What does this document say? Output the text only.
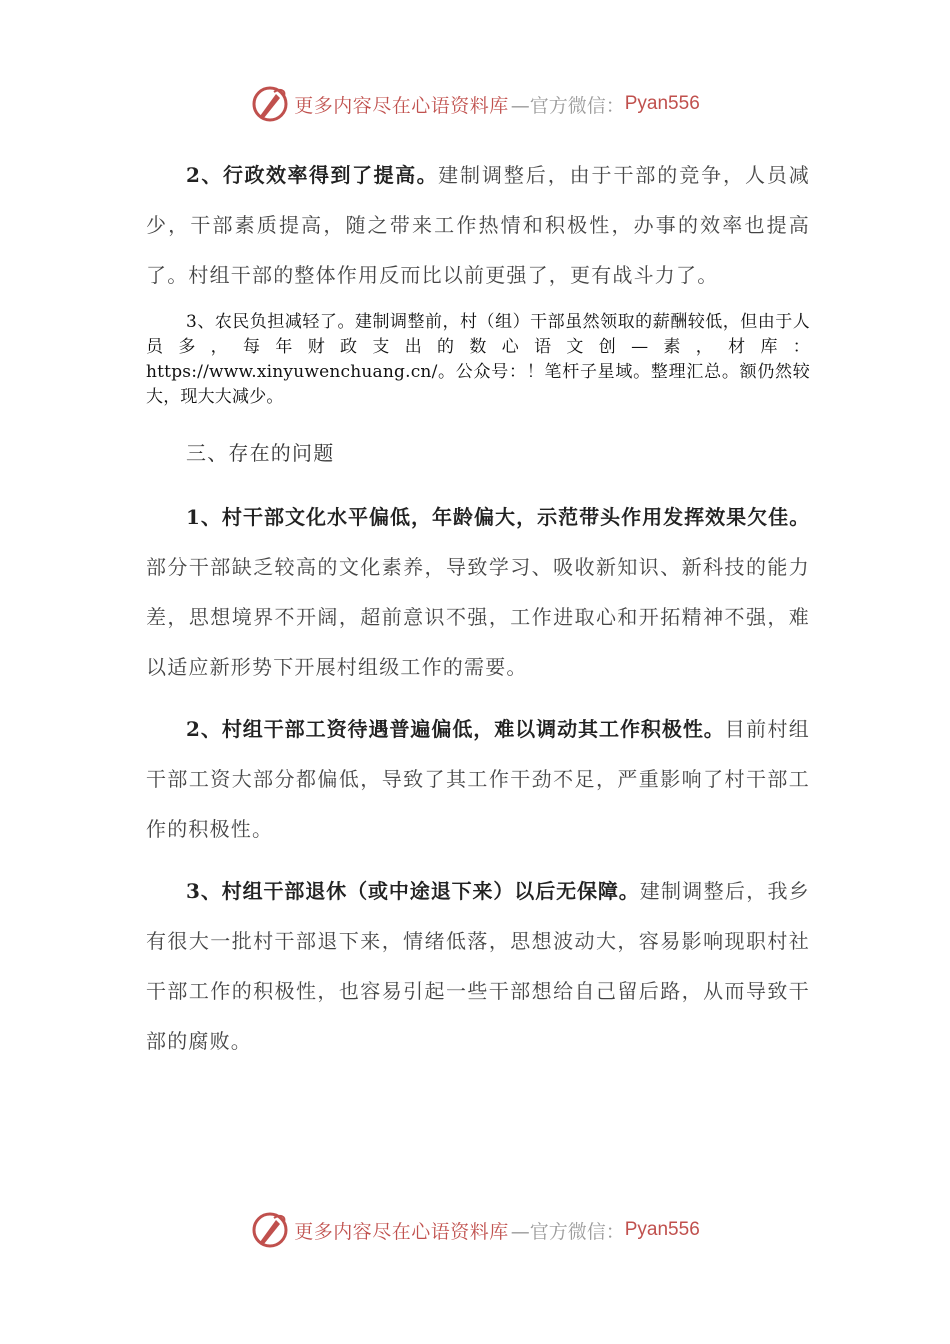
更多内容尽在心语资料库 —官方微信： Pyan556

2、行政效率得到了提高。建制调整后，由于干部的竞争，人员减少，干部素质提高，随之带来工作热情和积极性，办事的效率也提高了。村组干部的整体作用反而比以前更强了，更有战斗力了。

3、农民负担减轻了。建制调整前，村（组）干部虽然领取的薪酬较低，但由于人员多，每年财政支出的数心语文创—素，材库：https://www.xinyuwenchuang.cn/。公众号：！笔杆子星域。整理汇总。额仍然较大，现大大减少。

三、存在的问题

1、村干部文化水平偏低，年龄偏大，示范带头作用发挥效果欠佳。部分干部缺乏较高的文化素养，导致学习、吸收新知识、新科技的能力差，思想境界不开阔，超前意识不强，工作进取心和开拓精神不强，难以适应新形势下开展村组级工作的需要。

2、村组干部工资待遇普遍偏低，难以调动其工作积极性。目前村组干部工资大部分都偏低，导致了其工作干劲不足，严重影响了村干部工作的积极性。

3、村组干部退休（或中途退下来）以后无保障。建制调整后，我乡有很大一批村干部退下来，情绪低落，思想波动大，容易影响现职村社干部工作的积极性，也容易引起一些干部想给自己留后路，从而导致干部的腐败。

更多内容尽在心语资料库 —官方微信： Pyan556
